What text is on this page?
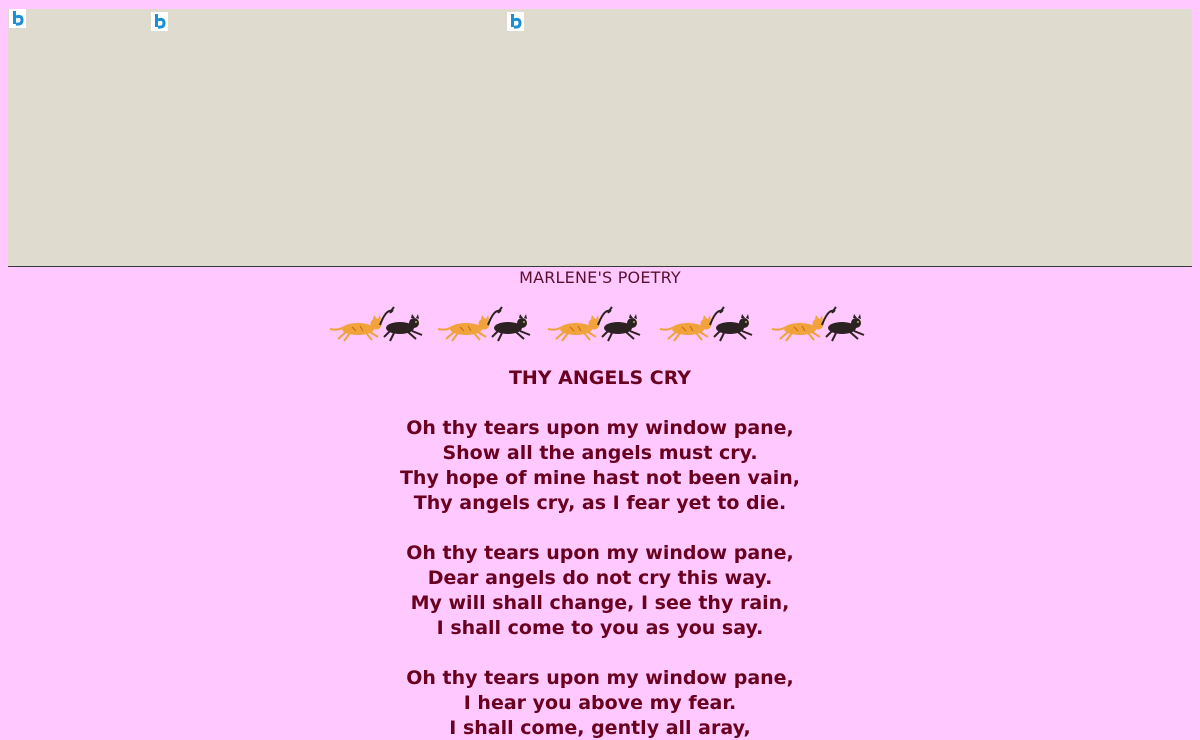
MARLENE'S POETRY
THY ANGELS CRY
Oh thy tears upon my window pane,
Show all the angels must cry.
Thy hope of mine hast not been vain,
Thy angels cry, as I fear yet to die.
Oh thy tears upon my window pane,
Dear angels do not cry this way.
My will shall change, I see thy rain,
I shall come to you as you say.
Oh thy tears upon my window pane,
I hear you above my fear.
I shall come, gently all aray,
